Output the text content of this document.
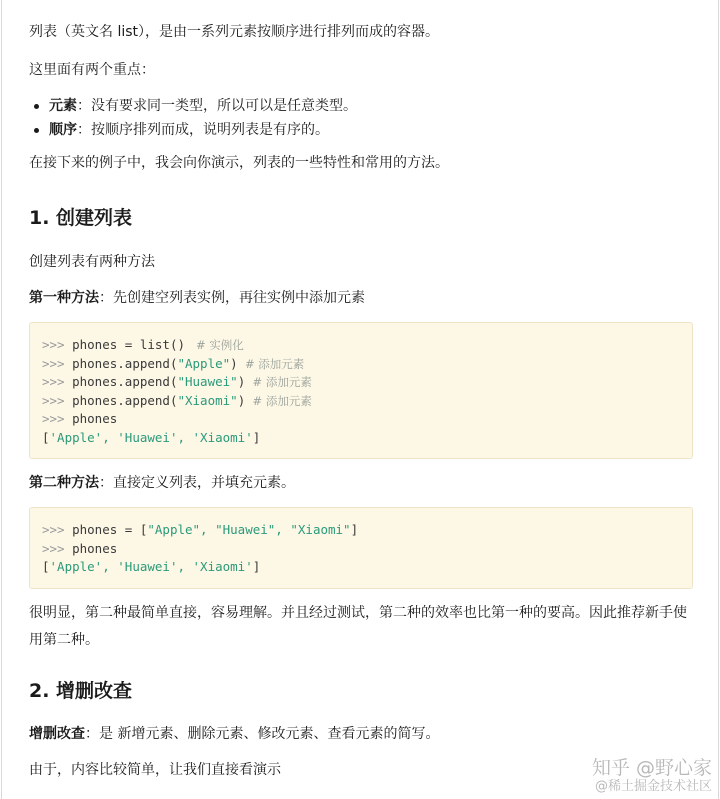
列表（英文名 list），是由一系列元素按顺序进行排列而成的容器。
这里面有两个重点：
元素：没有要求同一类型，所以可以是任意类型。
顺序：按顺序排列而成，说明列表是有序的。
在接下来的例子中，我会向你演示，列表的一些特性和常用的方法。
1. 创建列表
创建列表有两种方法
第一种方法：先创建空列表实例，再往实例中添加元素
>>> phones = list()   # 实例化
>>> phones.append("Apple")  # 添加元素
>>> phones.append("Huawei")  # 添加元素
>>> phones.append("Xiaomi")  # 添加元素
>>> phones
['Apple', 'Huawei', 'Xiaomi']
第二种方法：直接定义列表，并填充元素。
>>> phones = ["Apple", "Huawei", "Xiaomi"]
>>> phones
['Apple', 'Huawei', 'Xiaomi']
很明显，第二种最简单直接，容易理解。并且经过测试，第二种的效率也比第一种的要高。因此推荐新手使用第二种。
2. 增删改查
增删改查：是 新增元素、删除元素、修改元素、查看元素的简写。
由于，内容比较简单，让我们直接看演示	知乎 @野心家
@稀土掘金技术社区
